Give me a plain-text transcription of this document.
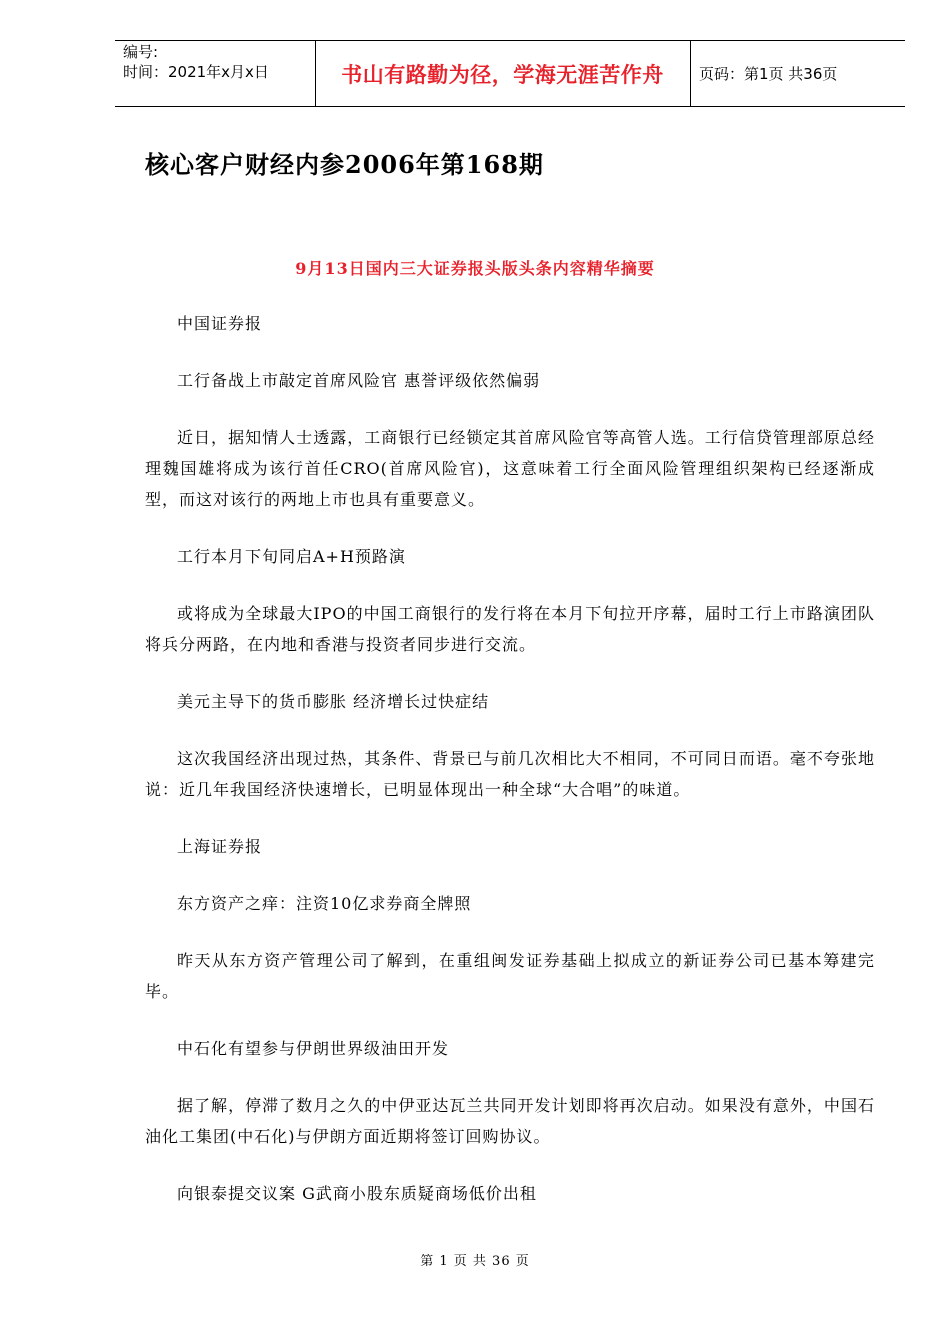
编号:
时间：2021年x月x日	书山有路勤为径，学海无涯苦作舟	页码：第1页 共36页
核心客户财经内参2006年第168期
9月13日国内三大证券报头版头条内容精华摘要

中国证券报

工行备战上市敲定首席风险官 惠誉评级依然偏弱

近日，据知情人士透露，工商银行已经锁定其首席风险官等高管人选。工行信贷管理部原总经理魏国雄将成为该行首任CRO(首席风险官)，这意味着工行全面风险管理组织架构已经逐渐成型，而这对该行的两地上市也具有重要意义。

工行本月下旬同启A+H预路演

或将成为全球最大IPO的中国工商银行的发行将在本月下旬拉开序幕，届时工行上市路演团队将兵分两路，在内地和香港与投资者同步进行交流。

美元主导下的货币膨胀 经济增长过快症结

这次我国经济出现过热，其条件、背景已与前几次相比大不相同，不可同日而语。毫不夸张地说：近几年我国经济快速增长，已明显体现出一种全球“大合唱”的味道。

上海证券报

东方资产之痒：注资10亿求券商全牌照

昨天从东方资产管理公司了解到，在重组闽发证券基础上拟成立的新证券公司已基本筹建完毕。

中石化有望参与伊朗世界级油田开发

据了解，停滞了数月之久的中伊亚达瓦兰共同开发计划即将再次启动。如果没有意外，中国石油化工集团(中石化)与伊朗方面近期将签订回购协议。

向银泰提交议案 G武商小股东质疑商场低价出租

第 1 页 共 36 页
